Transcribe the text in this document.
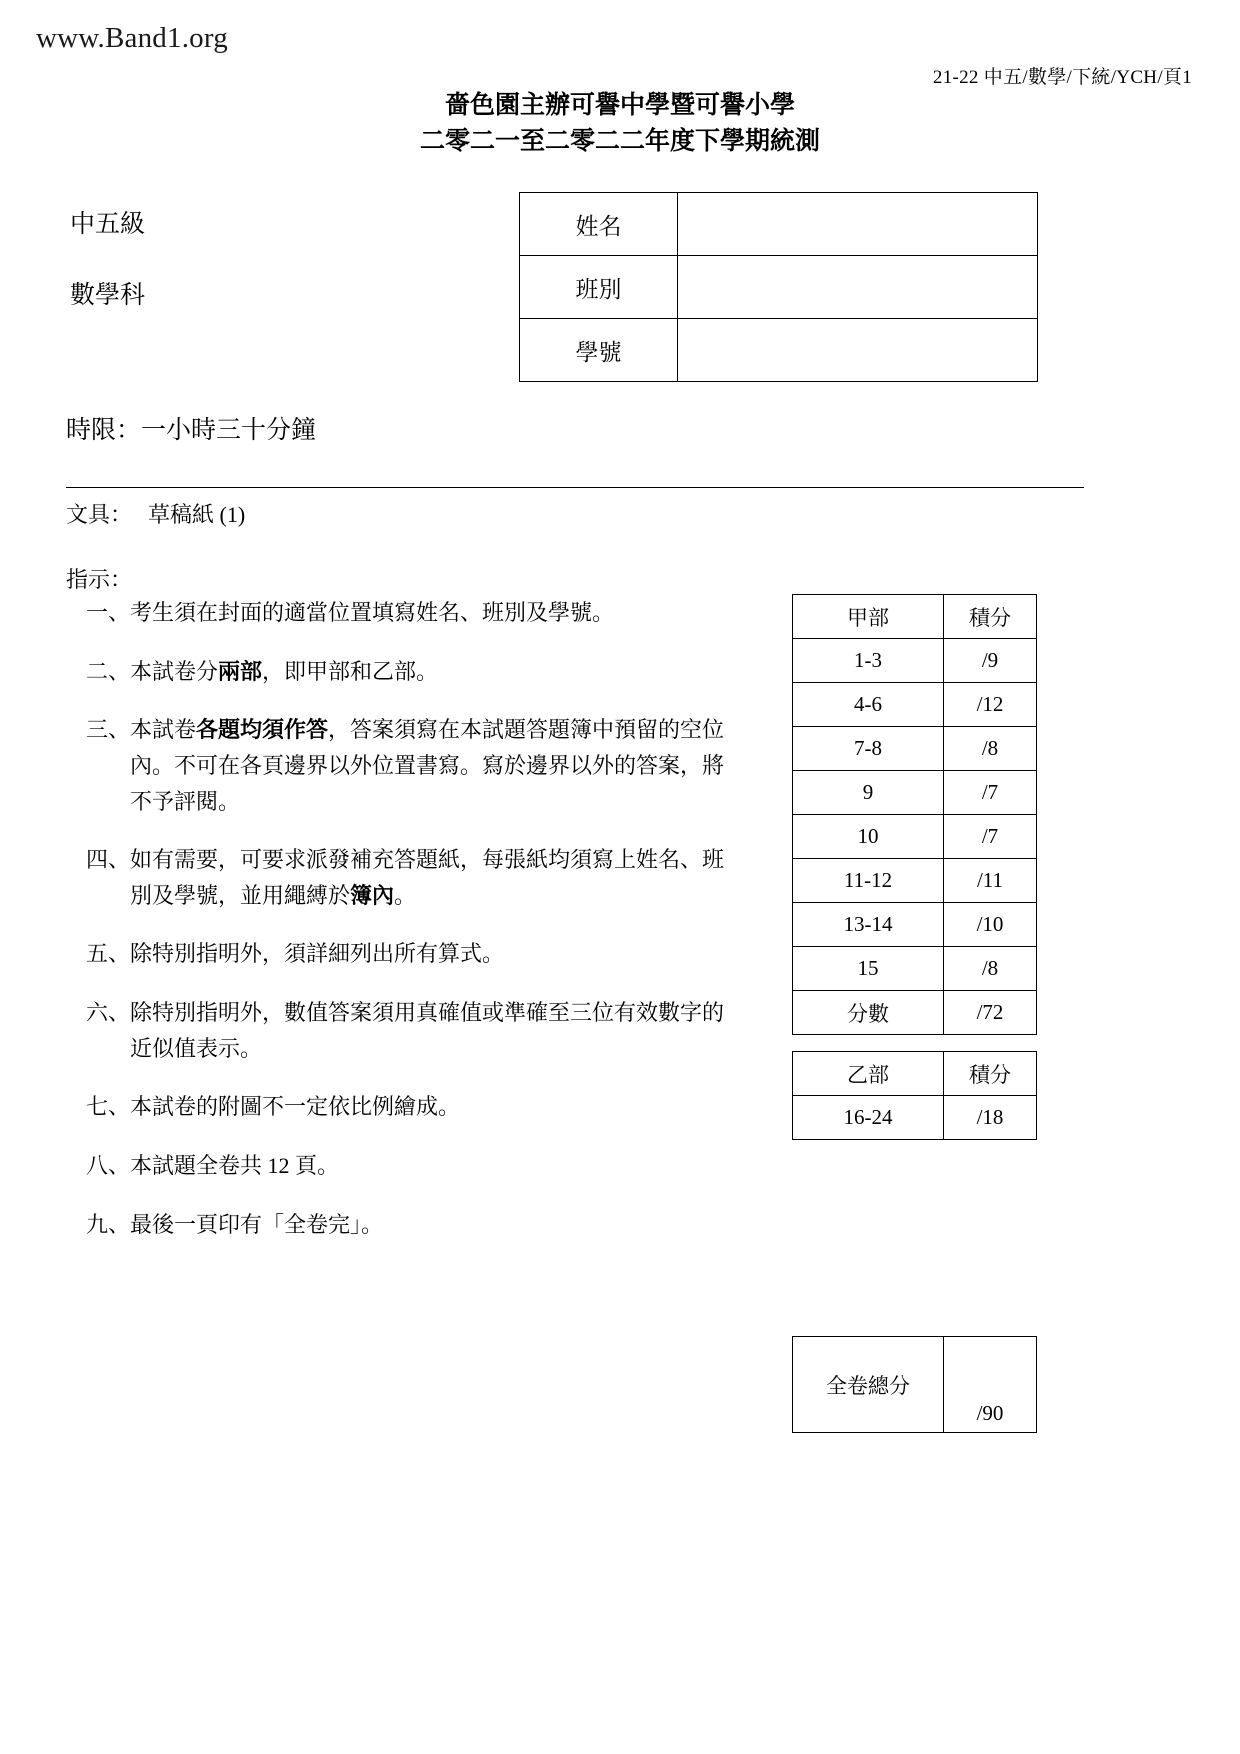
www.Band1.org
21-22 中五/數學/下統/YCH/頁1
嗇色園主辦可譽中學暨可譽小學
二零二一至二零二二年度下學期統測
中五級
數學科
時限：一小時三十分鐘
姓名	
班別	
學號	
文具： 草稿紙 (1)
指示：
一、 考生須在封面的適當位置填寫姓名、班別及學號。
二、 本試卷分兩部，即甲部和乙部。
三、 本試卷各題均須作答，答案須寫在本試題答題簿中預留的空位內。不可在各頁邊界以外位置書寫。寫於邊界以外的答案，將不予評閱。
四、 如有需要，可要求派發補充答題紙，每張紙均須寫上姓名、班別及學號，並用繩縛於簿內。
五、 除特別指明外，須詳細列出所有算式。
六、 除特別指明外，數值答案須用真確值或準確至三位有效數字的近似值表示。
七、 本試卷的附圖不一定依比例繪成。
八、 本試題全卷共 12 頁。
九、 最後一頁印有「全卷完」。
甲部	積分
1-3	/9
4-6	/12
7-8	/8
9	/7
10	/7
11-12	/11
13-14	/10
15	/8
分數	/72
乙部	積分
16-24	/18
全卷總分	/90
